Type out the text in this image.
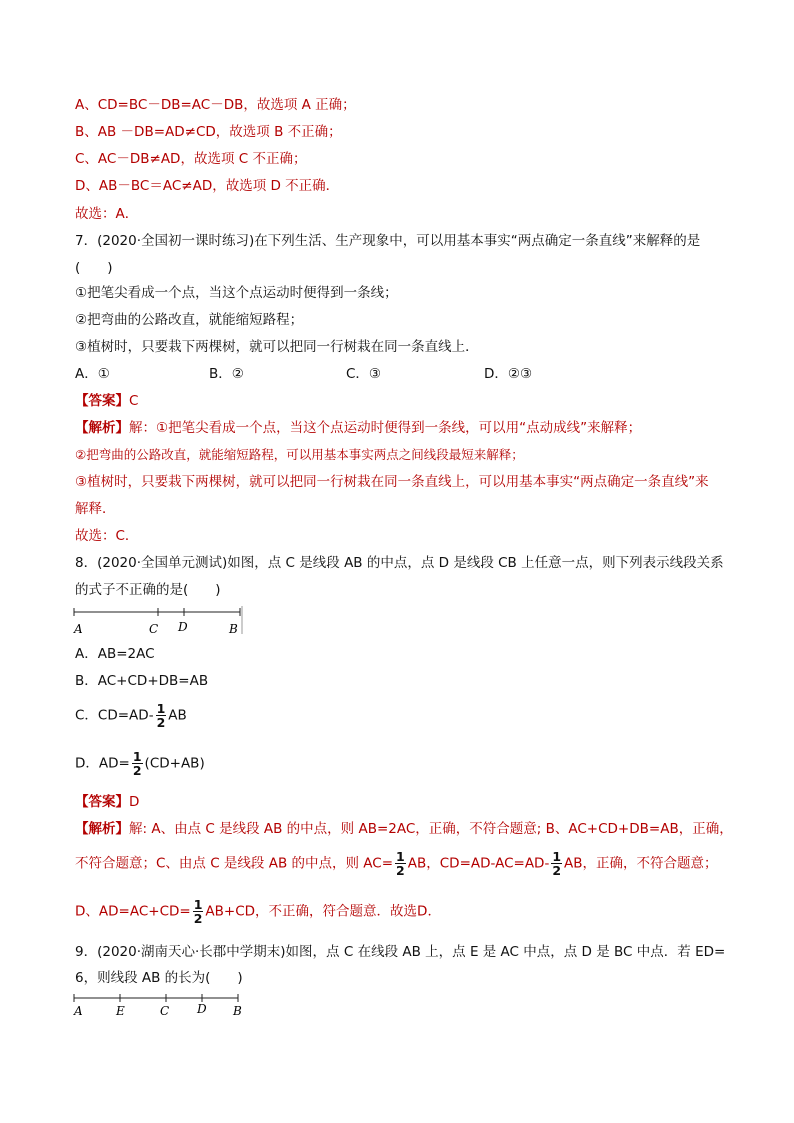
A、CD=BC－DB=AC－DB，故选项 A 正确；
B、AB －DB=AD≠CD，故选项 B 不正确；
C、AC－DB≠AD，故选项 C 不正确；
D、AB－BC＝AC≠AD，故选项 D 不正确．
故选：A．
7．(2020·全国初一课时练习)在下列生活、生产现象中，可以用基本事实“两点确定一条直线”来解释的是
(　　)
①把笔尖看成一个点，当这个点运动时便得到一条线；
②把弯曲的公路改直，就能缩短路程；
③植树时，只要栽下两棵树，就可以把同一行树栽在同一条直线上．
A．①	B．②	C．③	D．②③
【答案】C
【解析】解：①把笔尖看成一个点，当这个点运动时便得到一条线，可以用“点动成线”来解释；
②把弯曲的公路改直，就能缩短路程，可以用基本事实两点之间线段最短来解释；
③植树时，只要栽下两棵树，就可以把同一行树栽在同一条直线上，可以用基本事实“两点确定一条直线”来
解释．
故选：C．
8．(2020·全国单元测试)如图，点 C 是线段 AB 的中点，点 D 是线段 CB 上任意一点，则下列表示线段关系
的式子不正确的是(　　)
A	C D	B
A．AB=2AC
B．AC+CD+DB=AB
C．$CD=AD- \frac{1}{2}$ AB
D．$AD= \frac{1}{2} (CD+AB)$
【答案】D
【解析】解: A、由点 C 是线段 AB 的中点，则 AB=2AC，正确，不符合题意; B、AC+CD+DB=AB，正确，
不符合题意；C、由点 C 是线段 AB 的中点，则 $AC= \frac{1}{2}$ AB，$CD=AD-AC=AD- \frac{1}{2}$ AB，正确，不符合题意；
D、$AD=AC+CD= \frac{1}{2} AB+CD$，不正确，符合题意．故选D．
9．(2020·湖南天心·长郡中学期末)如图，点 C 在线段 AB 上，点 E 是 AC 中点，点 D 是 BC 中点．若 ED=
6，则线段 AB 的长为(　　)
A	E	C D B
